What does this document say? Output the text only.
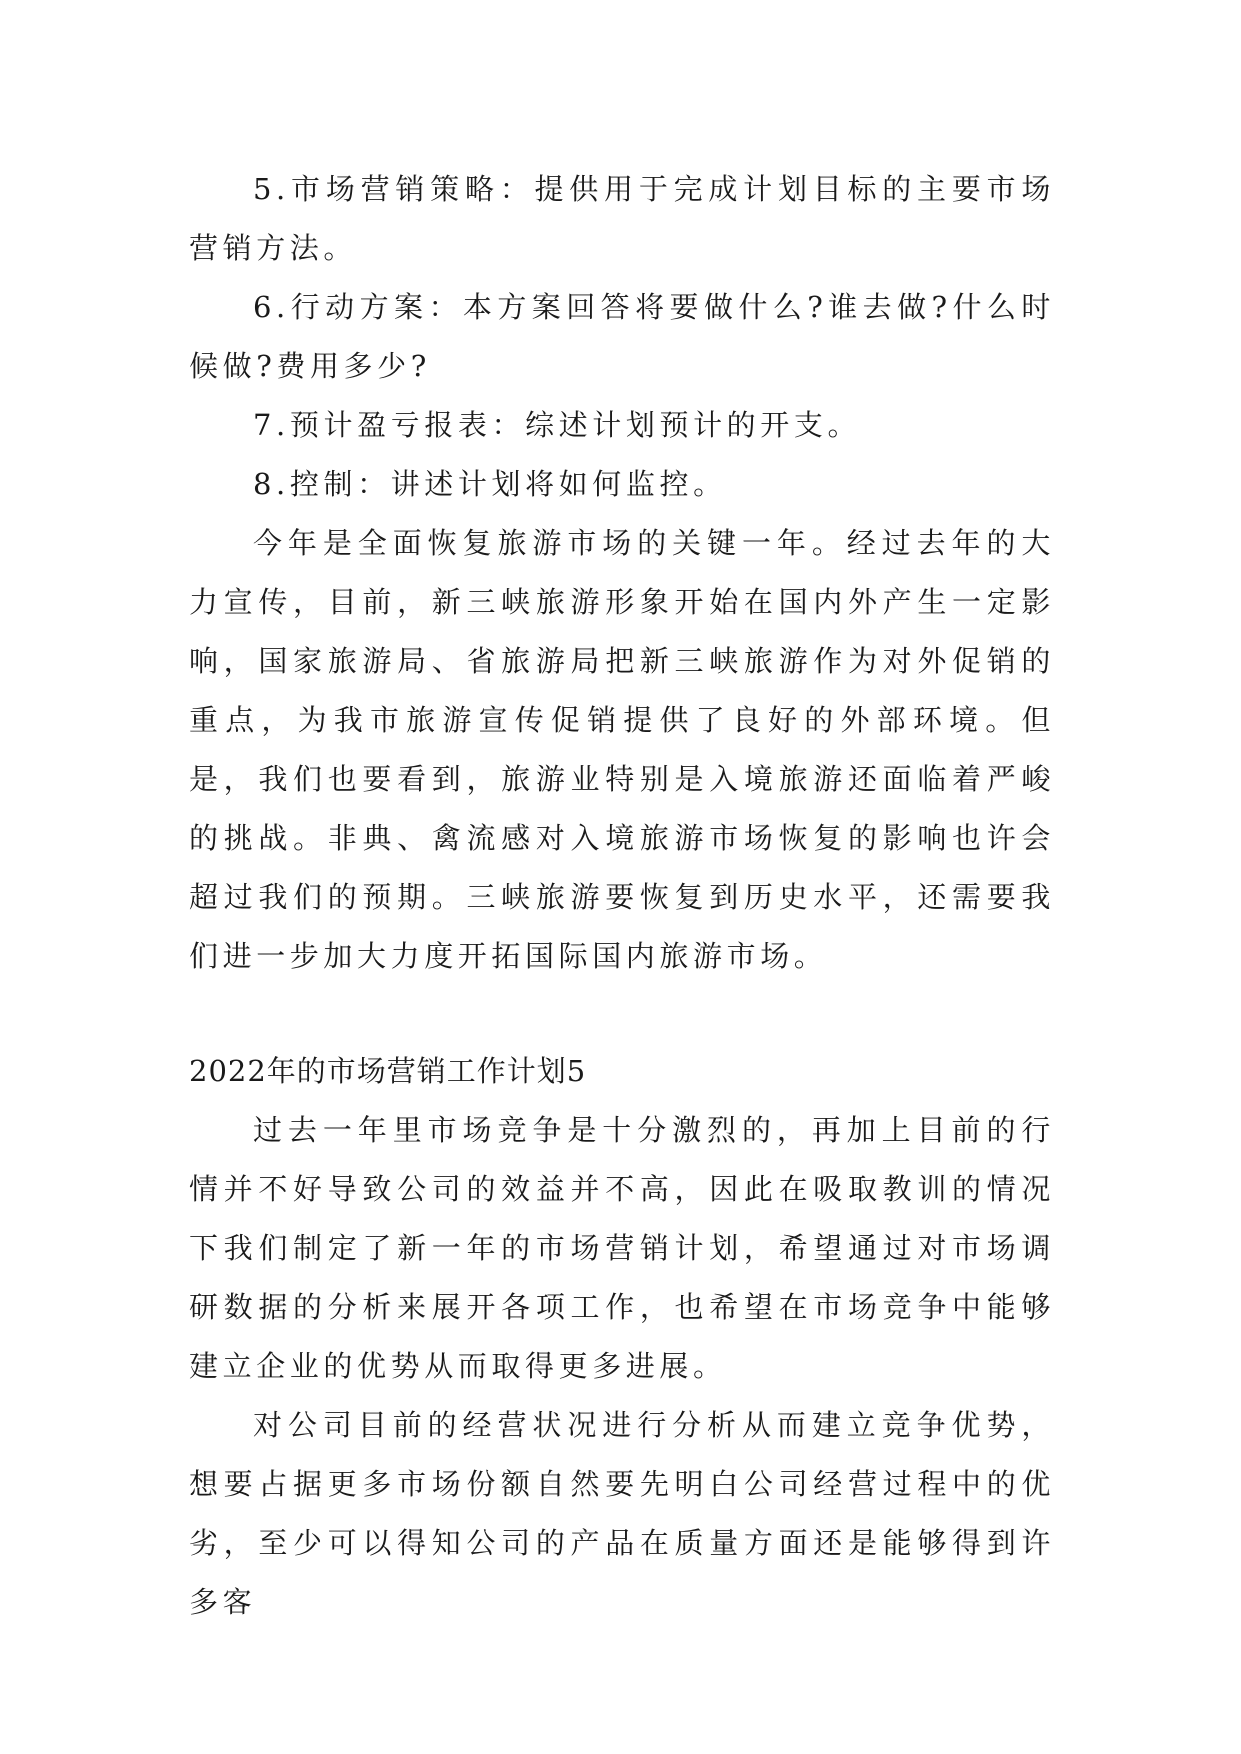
5.市场营销策略：提供用于完成计划目标的主要市场营销方法。

6.行动方案：本方案回答将要做什么?谁去做?什么时候做?费用多少?

7.预计盈亏报表：综述计划预计的开支。

8.控制：讲述计划将如何监控。

今年是全面恢复旅游市场的关键一年。经过去年的大力宣传，目前，新三峡旅游形象开始在国内外产生一定影响，国家旅游局、省旅游局把新三峡旅游作为对外促销的重点，为我市旅游宣传促销提供了良好的外部环境。但是，我们也要看到，旅游业特别是入境旅游还面临着严峻的挑战。非典、禽流感对入境旅游市场恢复的影响也许会超过我们的预期。三峡旅游要恢复到历史水平，还需要我们进一步加大力度开拓国际国内旅游市场。

2022年的市场营销工作计划5

过去一年里市场竞争是十分激烈的，再加上目前的行情并不好导致公司的效益并不高，因此在吸取教训的情况下我们制定了新一年的市场营销计划，希望通过对市场调研数据的分析来展开各项工作，也希望在市场竞争中能够建立企业的优势从而取得更多进展。

对公司目前的经营状况进行分析从而建立竞争优势，想要占据更多市场份额自然要先明白公司经营过程中的优劣，至少可以得知公司的产品在质量方面还是能够得到许多客
